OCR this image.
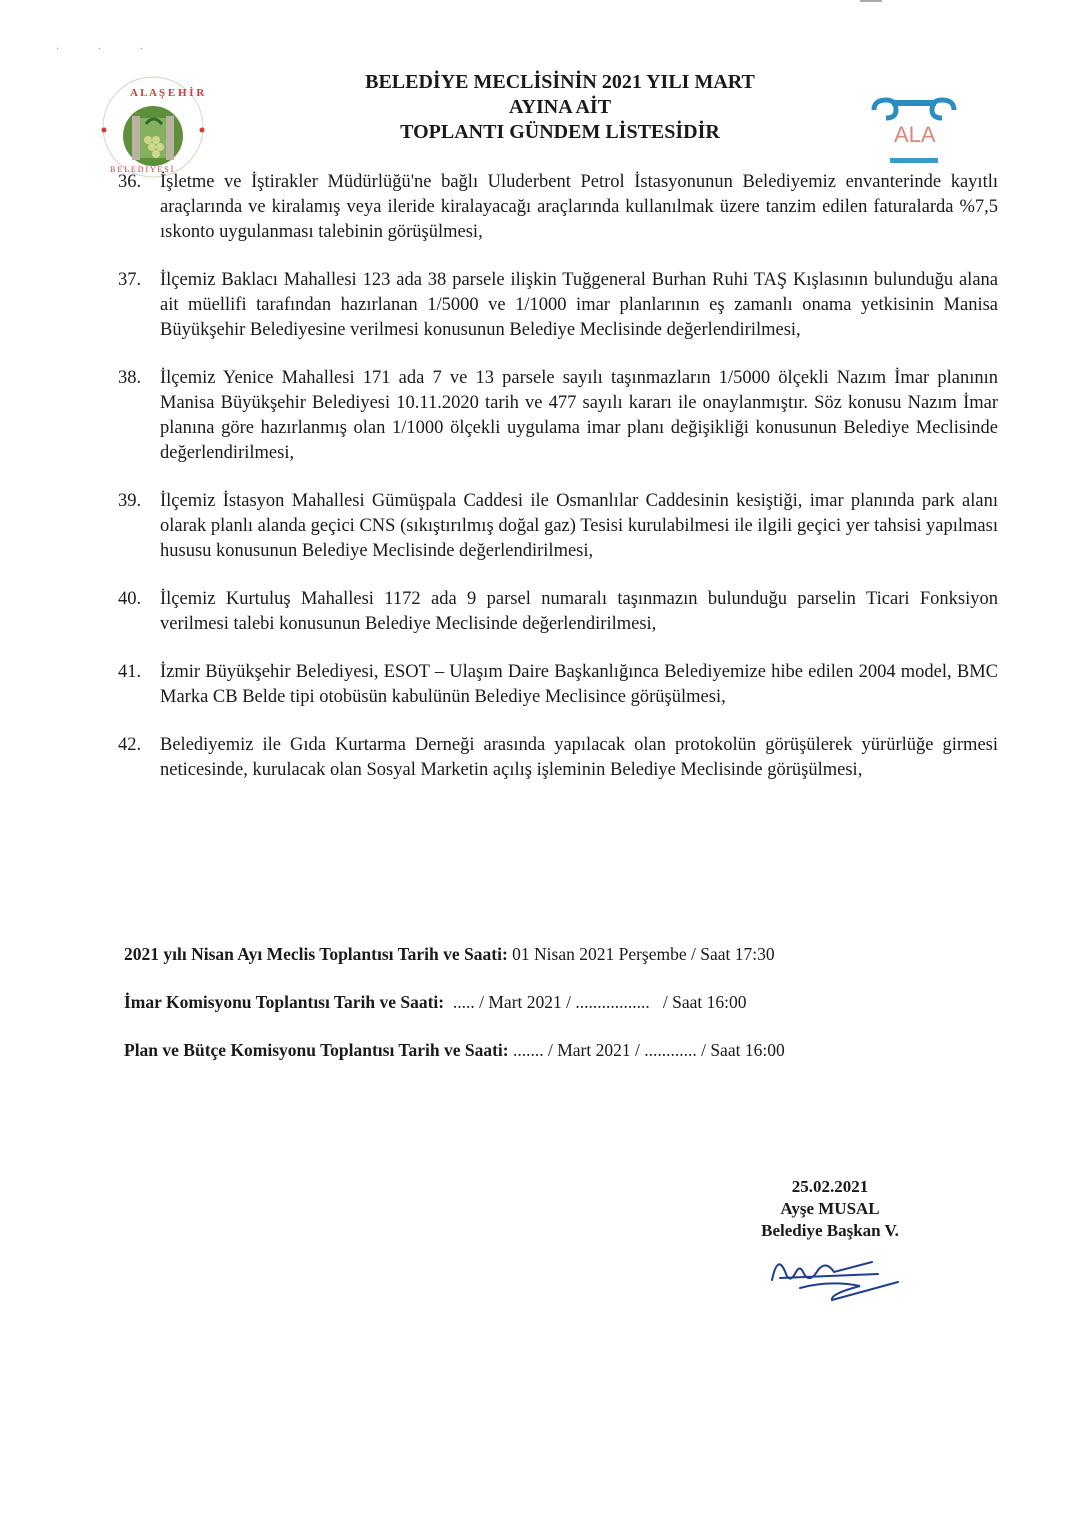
· · ·
A L A Ş E H İ R
B E L E D İ Y E S İ
BELEDİYE MECLİSİNİN 2021 YILI MART
AYINA AİT
TOPLANTI GÜNDEM LİSTESİDİR	ALA
36. İşletme ve İştirakler Müdürlüğü'ne bağlı Uluderbent Petrol İstasyonunun Belediyemiz envanterinde kayıtlı araçlarında ve kiralamış veya ileride kiralayacağı araçlarında kullanılmak üzere tanzim edilen faturalarda %7,5 ıskonto uygulanması talebinin görüşülmesi,
37. İlçemiz Baklacı Mahallesi 123 ada 38 parsele ilişkin Tuğgeneral Burhan Ruhi TAŞ Kışlasının bulunduğu alana ait müellifi tarafından hazırlanan 1/5000 ve 1/1000 imar planlarının eş zamanlı onama yetkisinin Manisa Büyükşehir Belediyesine verilmesi konusunun Belediye Meclisinde değerlendirilmesi,
38. İlçemiz Yenice Mahallesi 171 ada 7 ve 13 parsele sayılı taşınmazların 1/5000 ölçekli Nazım İmar planının Manisa Büyükşehir Belediyesi 10.11.2020 tarih ve 477 sayılı kararı ile onaylanmıştır. Söz konusu Nazım İmar planına göre hazırlanmış olan 1/1000 ölçekli uygulama imar planı değişikliği konusunun Belediye Meclisinde değerlendirilmesi,
39. İlçemiz İstasyon Mahallesi Gümüşpala Caddesi ile Osmanlılar Caddesinin kesiştiği, imar planında park alanı olarak planlı alanda geçici CNS (sıkıştırılmış doğal gaz) Tesisi kurulabilmesi ile ilgili geçici yer tahsisi yapılması hususu konusunun Belediye Meclisinde değerlendirilmesi,
40. İlçemiz Kurtuluş Mahallesi 1172 ada 9 parsel numaralı taşınmazın bulunduğu parselin Ticari Fonksiyon verilmesi talebi konusunun Belediye Meclisinde değerlendirilmesi,
41. İzmir Büyükşehir Belediyesi, ESOT – Ulaşım Daire Başkanlığınca Belediyemize hibe edilen 2004 model, BMC Marka CB Belde tipi otobüsün kabulünün Belediye Meclisince görüşülmesi,
42. Belediyemiz ile Gıda Kurtarma Derneği arasında yapılacak olan protokolün görüşülerek yürürlüğe girmesi neticesinde, kurulacak olan Sosyal Marketin açılış işleminin Belediye Meclisinde görüşülmesi,
2021 yılı Nisan Ayı Meclis Toplantısı Tarih ve Saati: 01 Nisan 2021 Perşembe / Saat 17:30
İmar Komisyonu Toplantısı Tarih ve Saati:  ..... / Mart 2021 / .................   / Saat 16:00
Plan ve Bütçe Komisyonu Toplantısı Tarih ve Saati: ....... / Mart 2021 / ............ / Saat 16:00
25.02.2021
Ayşe MUSAL
Belediye Başkan V.
